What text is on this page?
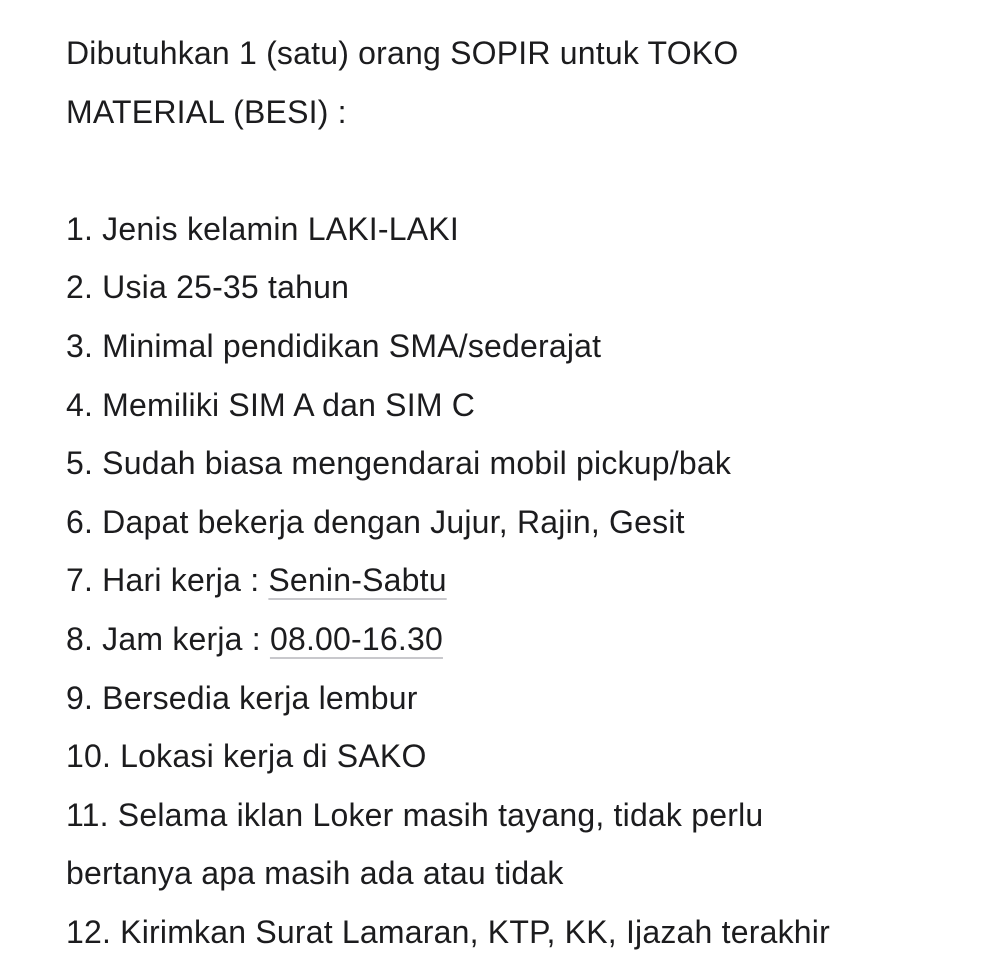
Dibutuhkan 1 (satu) orang SOPIR untuk TOKO
MATERIAL (BESI) :
1. Jenis kelamin LAKI-LAKI
2. Usia 25-35 tahun
3. Minimal pendidikan SMA/sederajat
4. Memiliki SIM A dan SIM C
5. Sudah biasa mengendarai mobil pickup/bak
6. Dapat bekerja dengan Jujur, Rajin, Gesit
7. Hari kerja : Senin-Sabtu
8. Jam kerja : 08.00-16.30
9. Bersedia kerja lembur
10. Lokasi kerja di SAKO
11. Selama iklan Loker masih tayang, tidak perlu
bertanya apa masih ada atau tidak
12. Kirimkan Surat Lamaran, KTP, KK, Ijazah terakhir
